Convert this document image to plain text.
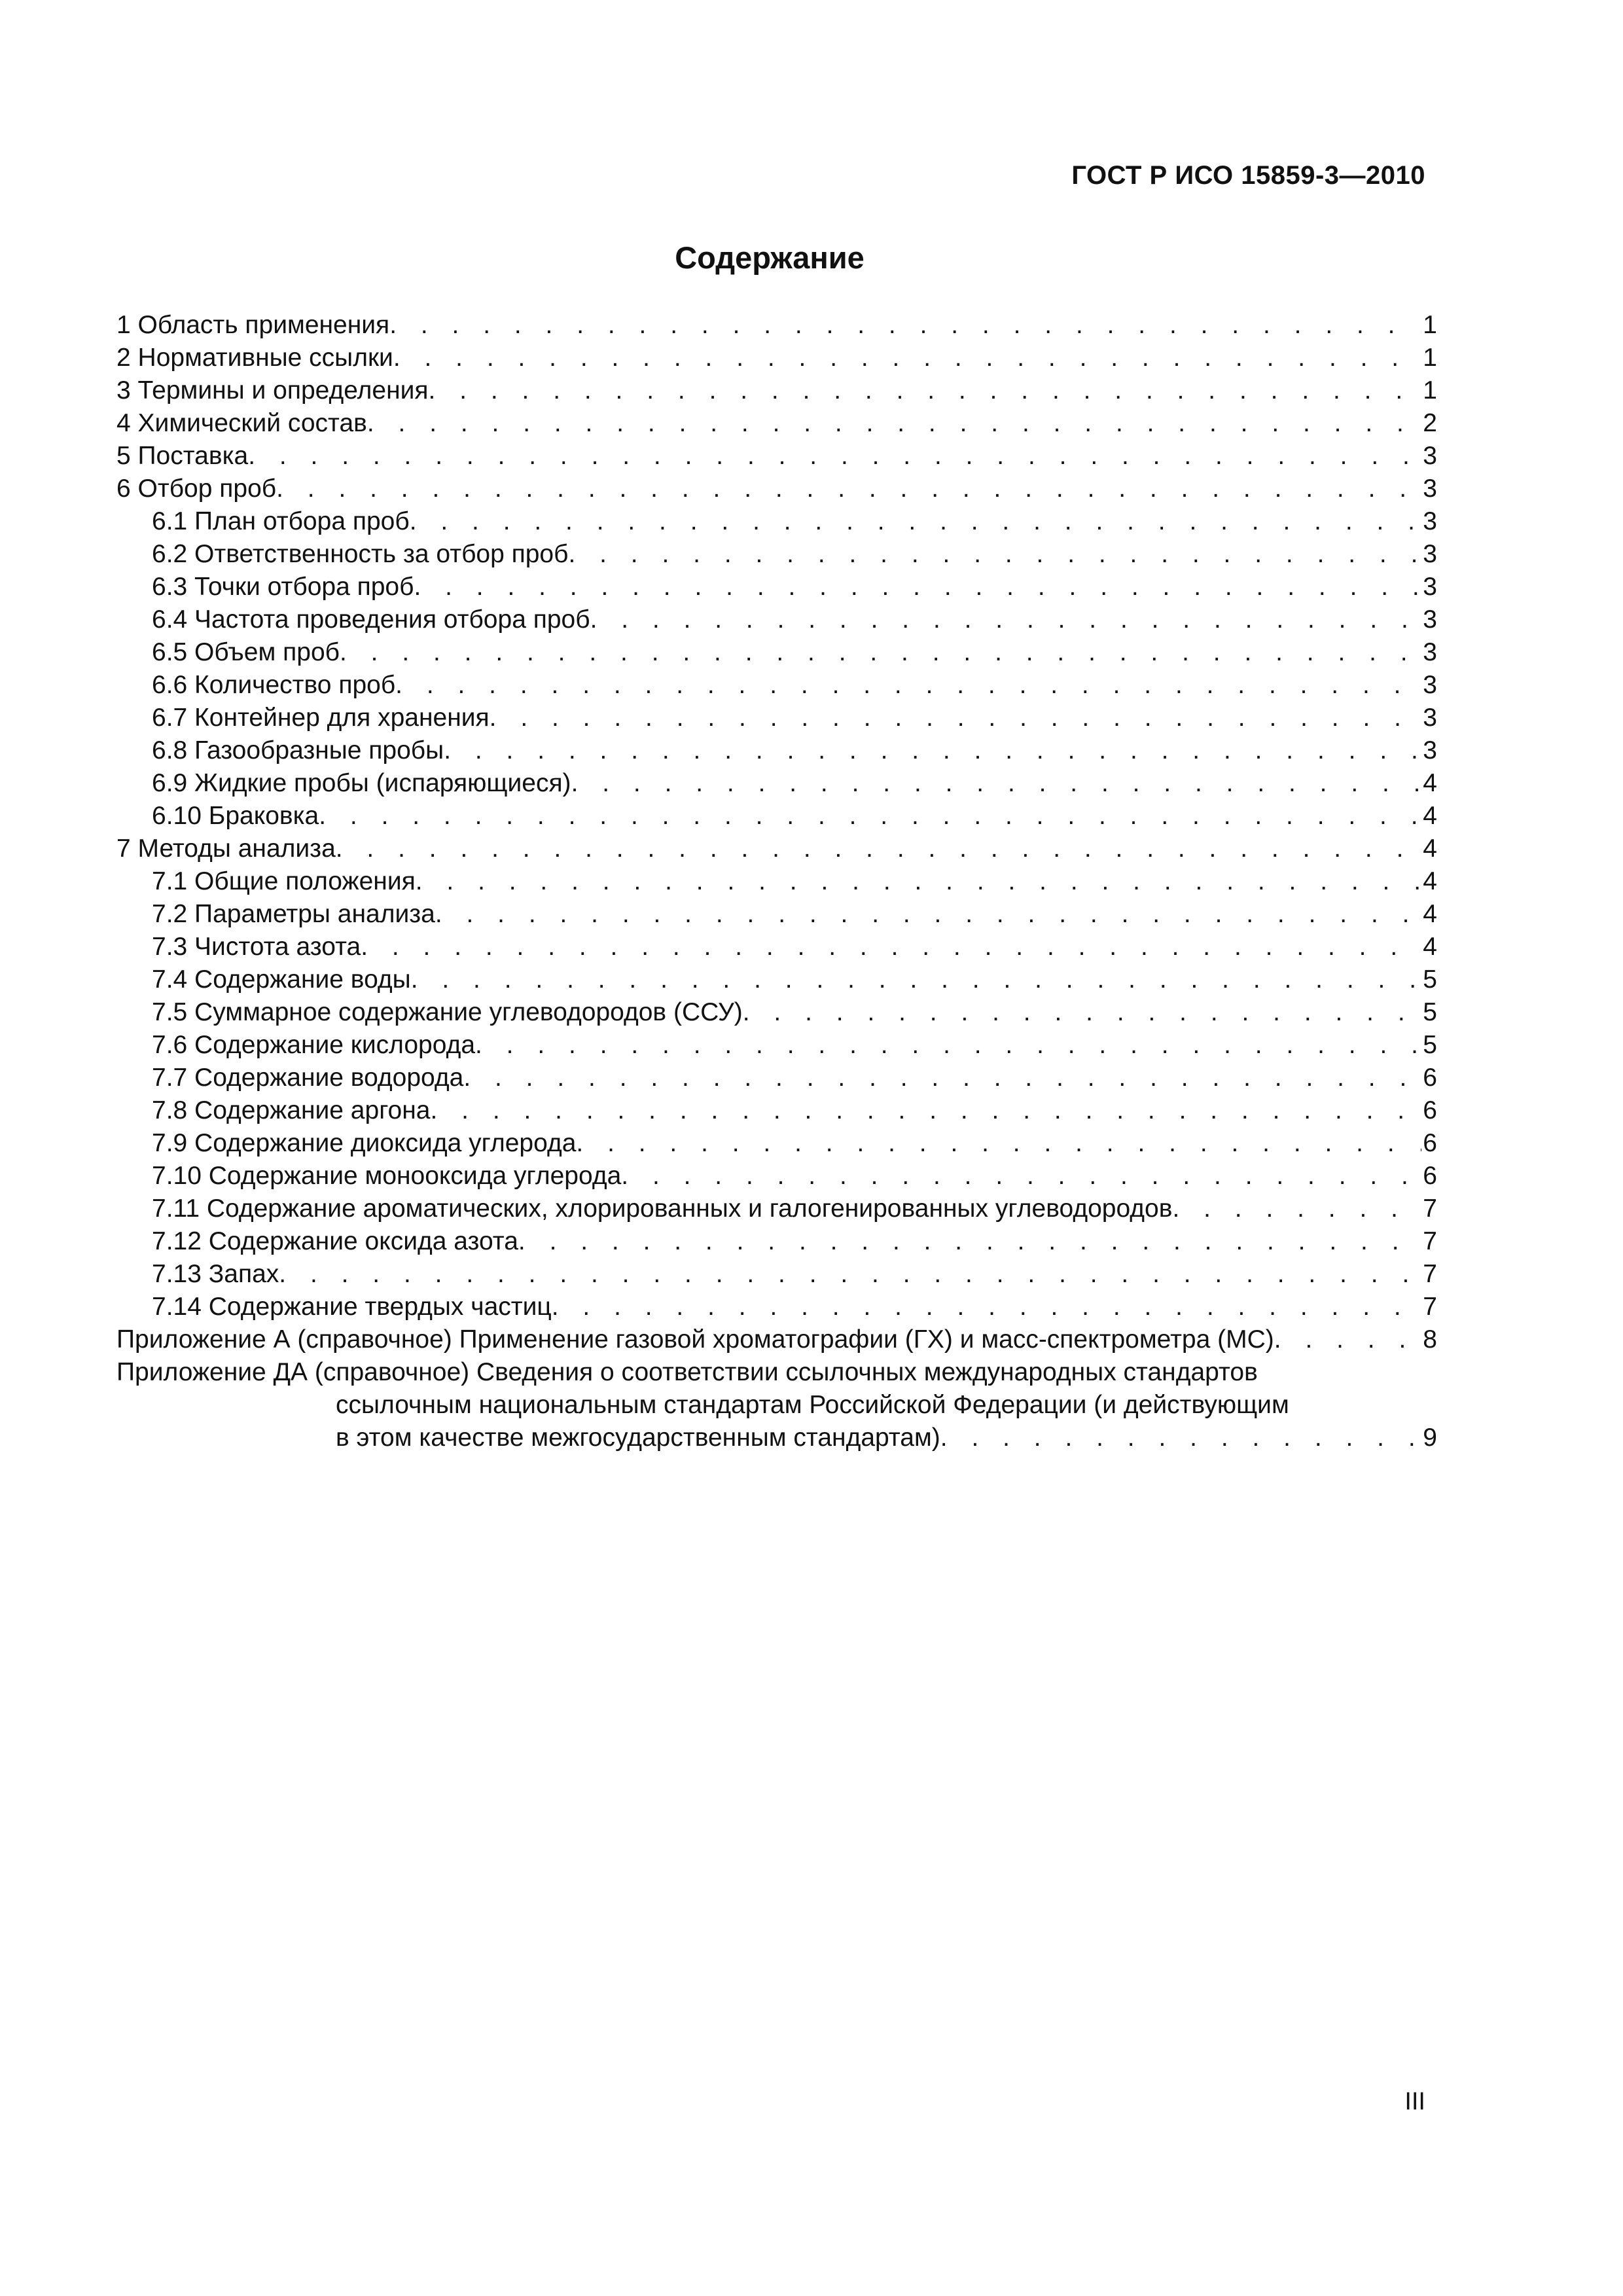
ГОСТ Р ИСО 15859-3—2010
Содержание
1 Область применения . . .	1
2 Нормативные ссылки . . .	1
3 Термины и определения . . .	1
4 Химический состав . . .	2
5 Поставка . . .	3
6 Отбор проб . . .	3
6.1 План отбора проб . . .	3
6.2 Ответственность за отбор проб . . .	3
6.3 Точки отбора проб . . .	3
6.4 Частота проведения отбора проб . . .	3
6.5 Объем проб . . .	3
6.6 Количество проб . . .	3
6.7 Контейнер для хранения . . .	3
6.8 Газообразные пробы . . .	3
6.9 Жидкие пробы (испаряющиеся) . . .	4
6.10 Браковка . . .	4
7 Методы анализа . . .	4
7.1 Общие положения . . .	4
7.2 Параметры анализа . . .	4
7.3 Чистота азота . . .	4
7.4 Содержание воды . . .	5
7.5 Суммарное содержание углеводородов (ССУ) . . .	5
7.6 Содержание кислорода . . .	5
7.7 Содержание водорода . . .	6
7.8 Содержание аргона . . .	6
7.9 Содержание диоксида углерода . . .	6
7.10 Содержание монооксида углерода . . .	6
7.11 Содержание ароматических, хлорированных и галогенированных углеводородов . . .	7
7.12 Содержание оксида азота . . .	7
7.13 Запах . . .	7
7.14 Содержание твердых частиц . . .	7
Приложение А (справочное) Применение газовой хроматографии (ГХ) и масс-спектрометра (МС) . . .	8
Приложение ДА (справочное) Сведения о соответствии ссылочных международных стандартов
ссылочным национальным стандартам Российской Федерации (и действующим
в этом качестве межгосударственным стандартам) . . .	9
III
